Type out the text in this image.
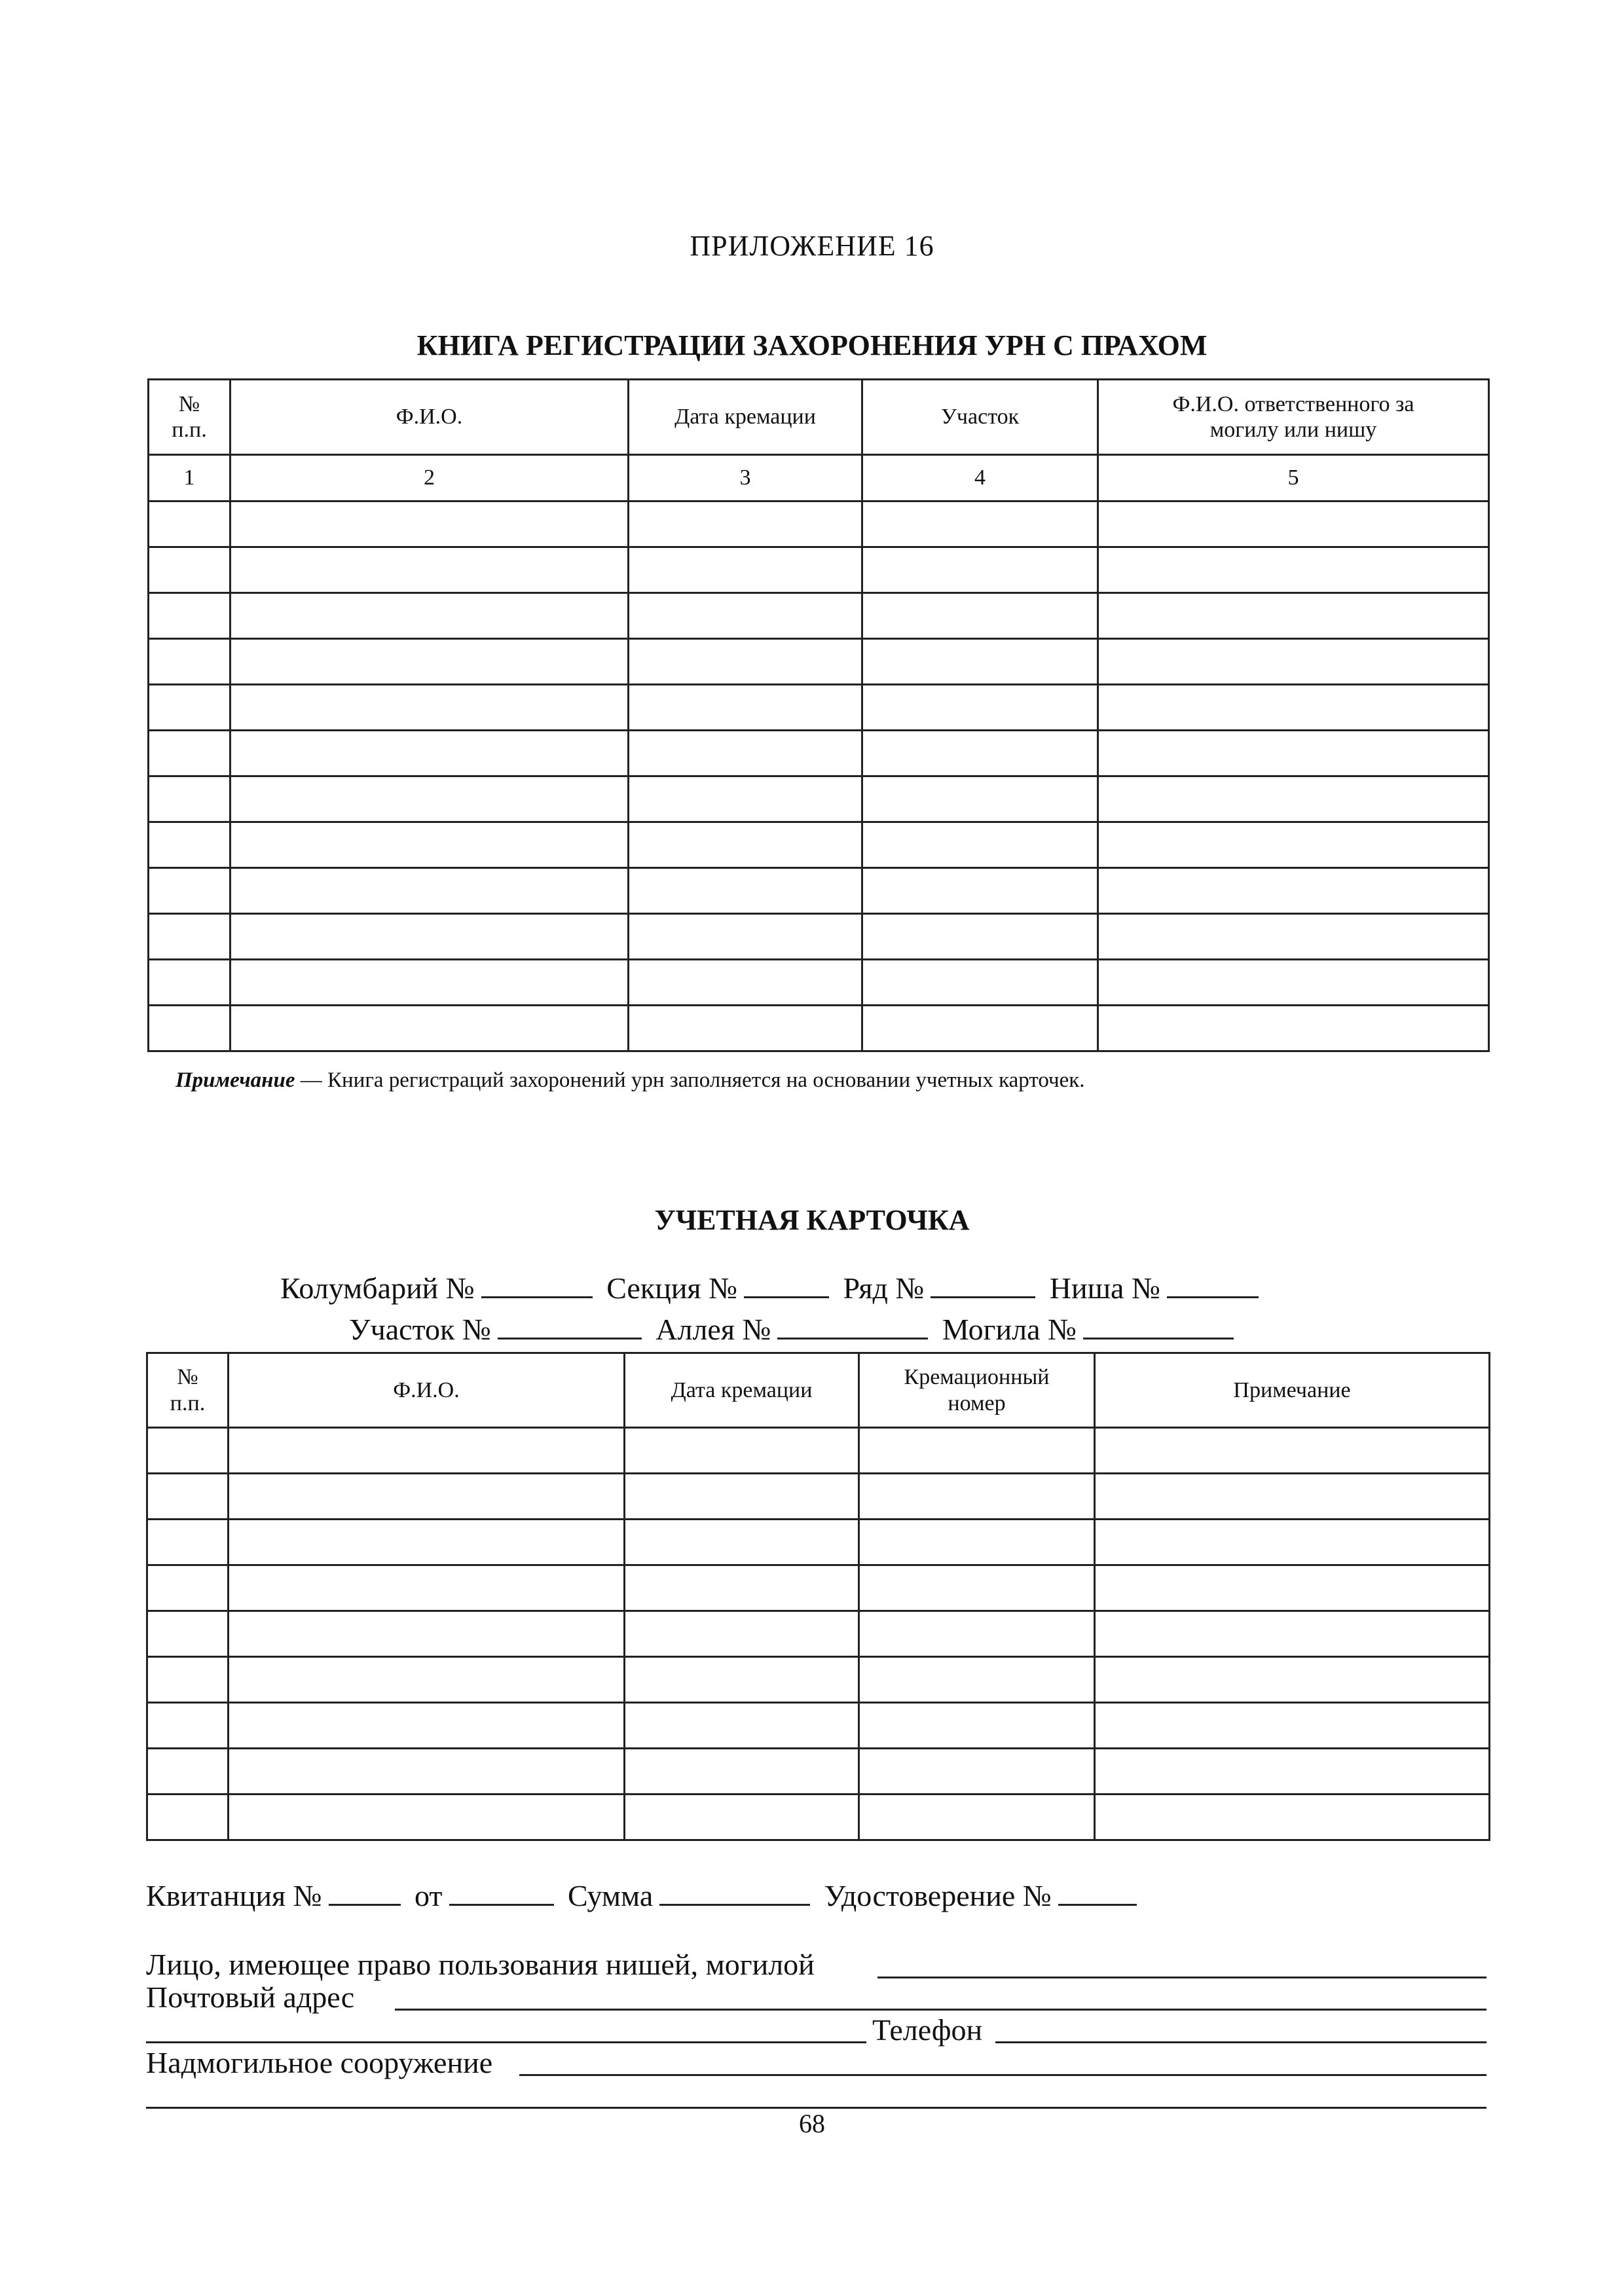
ПРИЛОЖЕНИЕ 16
КНИГА РЕГИСТРАЦИИ ЗАХОРОНЕНИЯ УРН С ПРАХОМ
№ п.п.	Ф.И.О.	Дата кремации	Участок	Ф.И.О. ответственного за могилу или нишу
1	2	3	4	5

Примечание — Книга регистраций захоронений урн заполняется на основании учетных карточек.
УЧЕТНАЯ КАРТОЧКА
Колумбарий №	Секция №	Ряд №	Ниша №
Участок №	Аллея №	Могила №
№ п.п.	Ф.И.О.	Дата кремации	Кремационный номер	Примечание

Квитанция №	от	Сумма	Удостоверение №
Лицо, имеющее право пользования нишей, могилой
Почтовый адрес
Телефон
Надмогильное сооружение
68
